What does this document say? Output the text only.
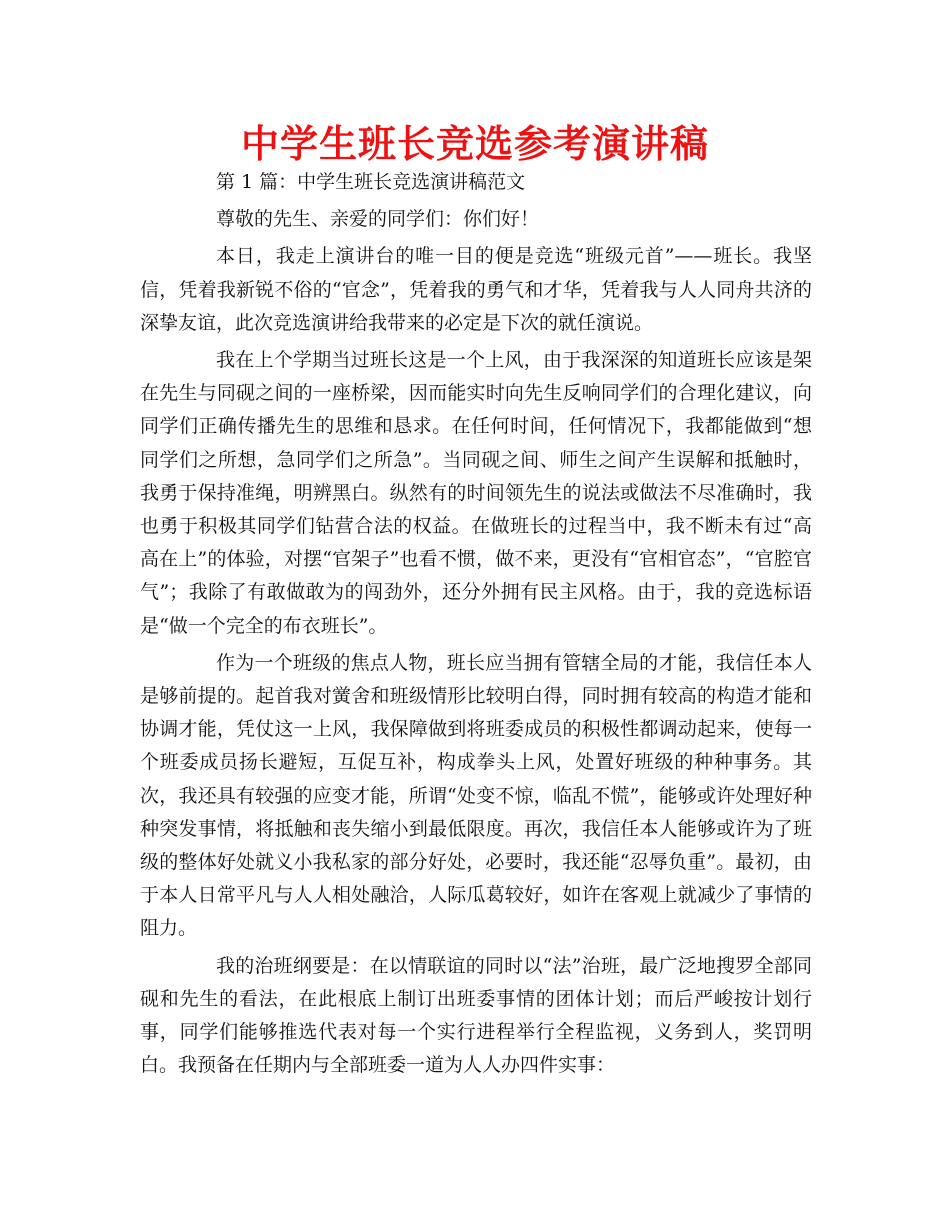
中学生班长竞选参考演讲稿

第 1 篇：中学生班长竞选演讲稿范文

尊敬的先生、亲爱的同学们：你们好！

本日，我走上演讲台的唯一目的便是竞选“班级元首”——班长。我坚信，凭着我新锐不俗的“官念”，凭着我的勇气和才华，凭着我与人人同舟共济的深挚友谊，此次竞选演讲给我带来的必定是下次的就任演说。

我在上个学期当过班长这是一个上风，由于我深深的知道班长应该是架在先生与同砚之间的一座桥梁，因而能实时向先生反响同学们的合理化建议，向同学们正确传播先生的思维和恳求。在任何时间，任何情况下，我都能做到“想同学们之所想，急同学们之所急”。当同砚之间、师生之间产生误解和抵触时，我勇于保持准绳，明辨黑白。纵然有的时间领先生的说法或做法不尽准确时，我也勇于积极其同学们钻营合法的权益。在做班长的过程当中，我不断未有过“高高在上”的体验，对摆“官架子”也看不惯，做不来，更没有“官相官态”，“官腔官气”；我除了有敢做敢为的闯劲外，还分外拥有民主风格。由于，我的竞选标语是“做一个完全的布衣班长”。

作为一个班级的焦点人物，班长应当拥有管辖全局的才能，我信任本人是够前提的。起首我对黉舍和班级情形比较明白得，同时拥有较高的构造才能和协调才能，凭仗这一上风，我保障做到将班委成员的积极性都调动起来，使每一个班委成员扬长避短，互促互补，构成拳头上风，处置好班级的种种事务。其次，我还具有较强的应变才能，所谓“处变不惊，临乱不慌”，能够或许处理好种种突发事情，将抵触和丧失缩小到最低限度。再次，我信任本人能够或许为了班级的整体好处就义小我私家的部分好处，必要时，我还能“忍辱负重”。最初，由于本人日常平凡与人人相处融洽，人际瓜葛较好，如许在客观上就减少了事情的阻力。

我的治班纲要是：在以情联谊的同时以“法”治班，最广泛地搜罗全部同砚和先生的看法，在此根底上制订出班委事情的团体计划；而后严峻按计划行事，同学们能够推选代表对每一个实行进程举行全程监视，义务到人，奖罚明白。我预备在任期内与全部班委一道为人人办四件实事：
